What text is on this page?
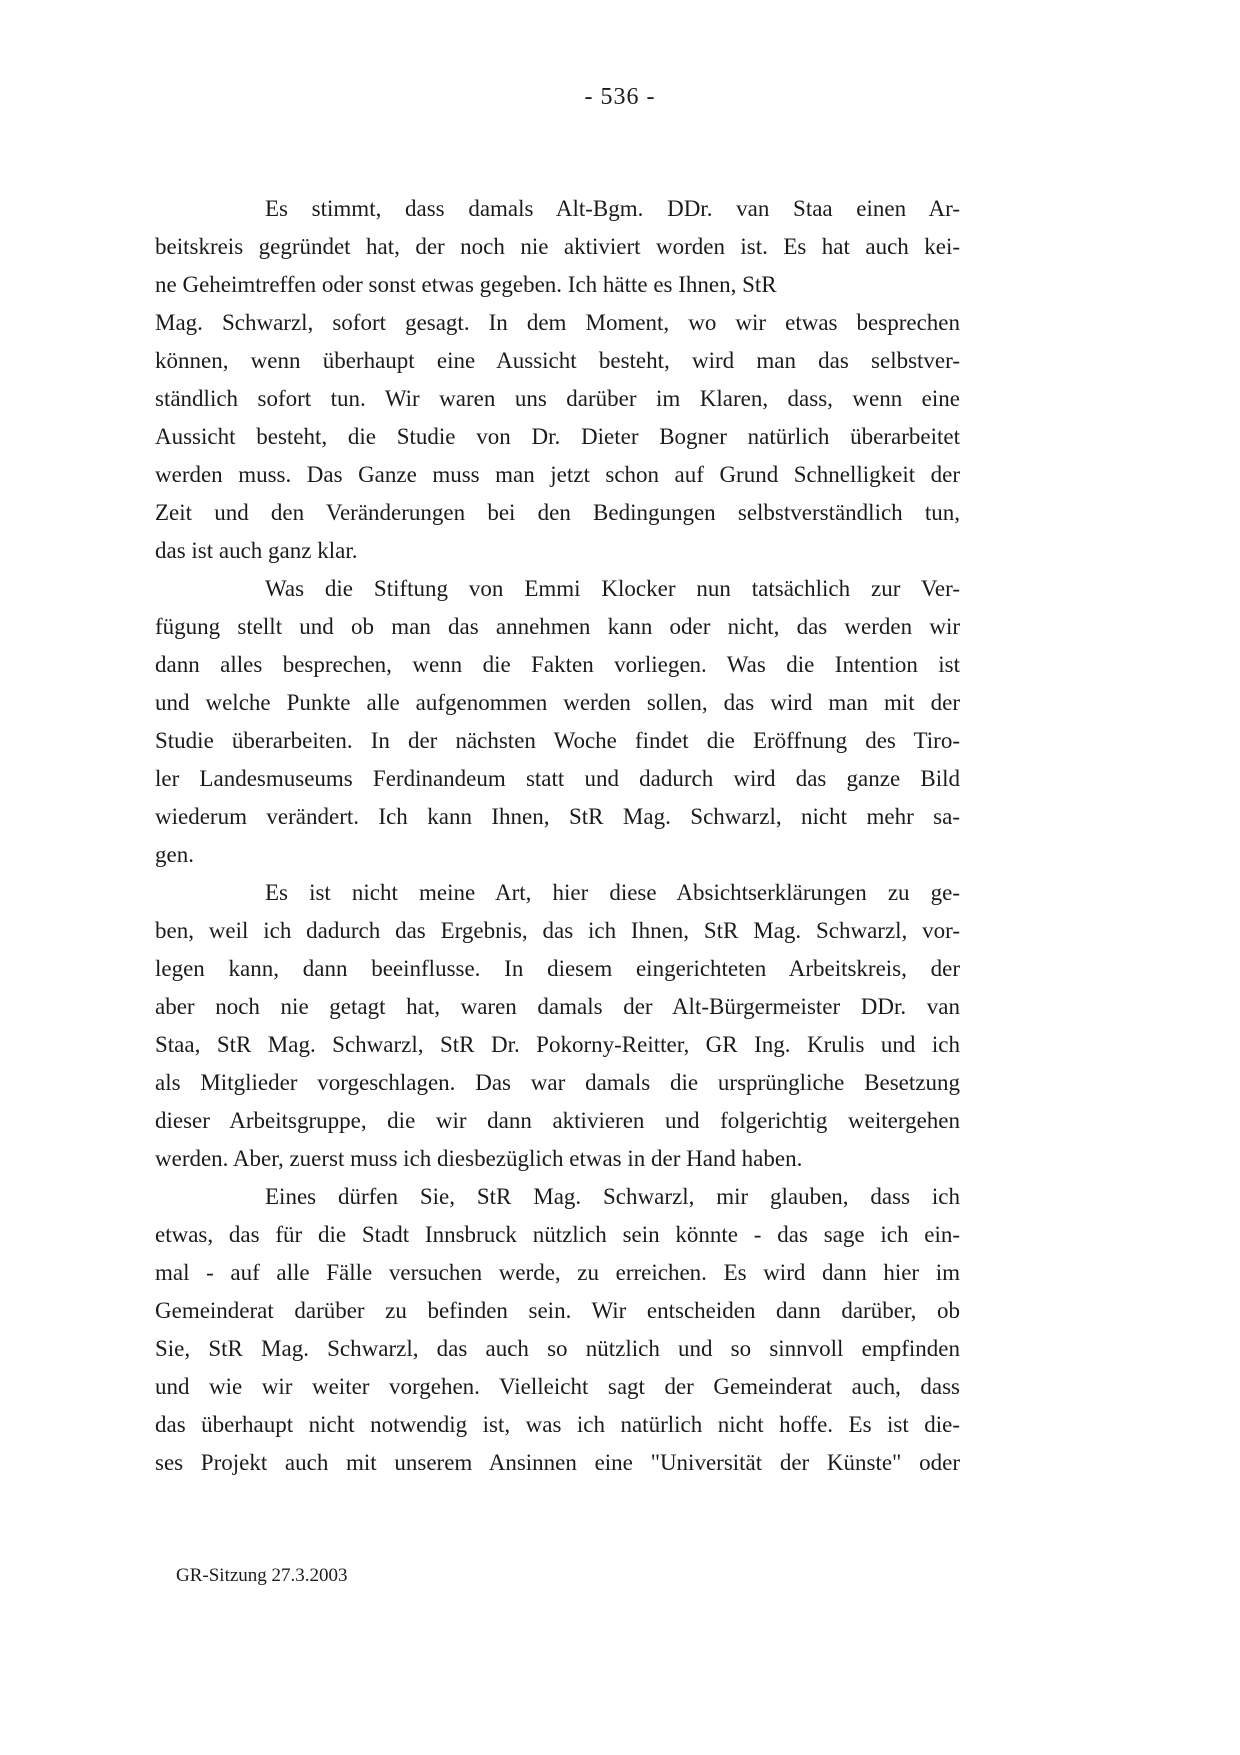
- 536 -
Es stimmt, dass damals Alt-Bgm. DDr. van Staa einen Ar-
beitskreis gegründet hat, der noch nie aktiviert worden ist. Es hat auch kei-
ne Geheimtreffen oder sonst etwas gegeben. Ich hätte es Ihnen, StR
Mag. Schwarzl, sofort gesagt. In dem Moment, wo wir etwas besprechen
können, wenn überhaupt eine Aussicht besteht, wird man das selbstver-
ständlich sofort tun. Wir waren uns darüber im Klaren, dass, wenn eine
Aussicht besteht, die Studie von Dr. Dieter Bogner natürlich überarbeitet
werden muss. Das Ganze muss man jetzt schon auf Grund Schnelligkeit der
Zeit und den Veränderungen bei den Bedingungen selbstverständlich tun,
das ist auch ganz klar.
Was die Stiftung von Emmi Klocker nun tatsächlich zur Ver-
fügung stellt und ob man das annehmen kann oder nicht, das werden wir
dann alles besprechen, wenn die Fakten vorliegen. Was die Intention ist
und welche Punkte alle aufgenommen werden sollen, das wird man mit der
Studie überarbeiten. In der nächsten Woche findet die Eröffnung des Tiro-
ler Landesmuseums Ferdinandeum statt und dadurch wird das ganze Bild
wiederum verändert. Ich kann Ihnen, StR Mag. Schwarzl, nicht mehr sa-
gen.
Es ist nicht meine Art, hier diese Absichtserklärungen zu ge-
ben, weil ich dadurch das Ergebnis, das ich Ihnen, StR Mag. Schwarzl, vor-
legen kann, dann beeinflusse. In diesem eingerichteten Arbeitskreis, der
aber noch nie getagt hat, waren damals der Alt-Bürgermeister DDr. van
Staa, StR Mag. Schwarzl, StR Dr. Pokorny-Reitter, GR Ing. Krulis und ich
als Mitglieder vorgeschlagen. Das war damals die ursprüngliche Besetzung
dieser Arbeitsgruppe, die wir dann aktivieren und folgerichtig weitergehen
werden. Aber, zuerst muss ich diesbezüglich etwas in der Hand haben.
Eines dürfen Sie, StR Mag. Schwarzl, mir glauben, dass ich
etwas, das für die Stadt Innsbruck nützlich sein könnte - das sage ich ein-
mal - auf alle Fälle versuchen werde, zu erreichen. Es wird dann hier im
Gemeinderat darüber zu befinden sein. Wir entscheiden dann darüber, ob
Sie, StR Mag. Schwarzl, das auch so nützlich und so sinnvoll empfinden
und wie wir weiter vorgehen. Vielleicht sagt der Gemeinderat auch, dass
das überhaupt nicht notwendig ist, was ich natürlich nicht hoffe. Es ist die-
ses Projekt auch mit unserem Ansinnen eine "Universität der Künste" oder
GR-Sitzung 27.3.2003
